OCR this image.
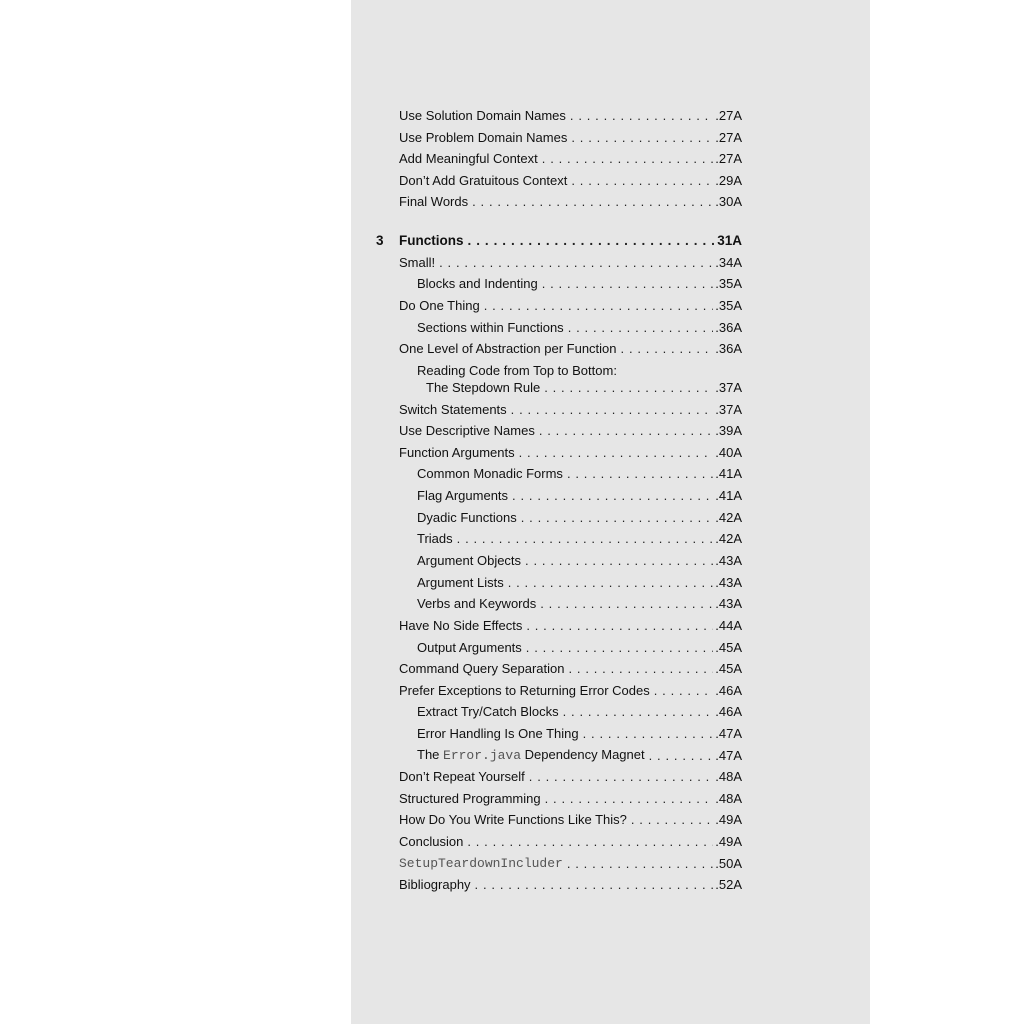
Use Solution Domain Names . . .	.27A
Use Problem Domain Names . . .	.27A
Add Meaningful Context . . .	.27A
Don’t Add Gratuitous Context . . .	.29A
Final Words . . .	.30A
3 Functions . . .	31A
Small! . . .	.34A
Blocks and Indenting . . .	.35A
Do One Thing . . .	.35A
Sections within Functions . . .	.36A
One Level of Abstraction per Function . . .	.36A
Reading Code from Top to Bottom:
The Stepdown Rule . . .	.37A
Switch Statements . . .	.37A
Use Descriptive Names . . .	.39A
Function Arguments . . .	.40A
Common Monadic Forms . . .	.41A
Flag Arguments . . .	.41A
Dyadic Functions . . .	.42A
Triads . . .	.42A
Argument Objects . . .	.43A
Argument Lists . . .	.43A
Verbs and Keywords . . .	.43A
Have No Side Effects . . .	.44A
Output Arguments . . .	.45A
Command Query Separation . . .	.45A
Prefer Exceptions to Returning Error Codes . . .	.46A
Extract Try/Catch Blocks . . .	.46A
Error Handling Is One Thing . . .	.47A
The Error.java Dependency Magnet . . .	.47A
Don’t Repeat Yourself . . .	.48A
Structured Programming . . .	.48A
How Do You Write Functions Like This? . . .	.49A
Conclusion . . .	.49A
SetupTeardownIncluder . . .	.50A
Bibliography . . .	.52A
